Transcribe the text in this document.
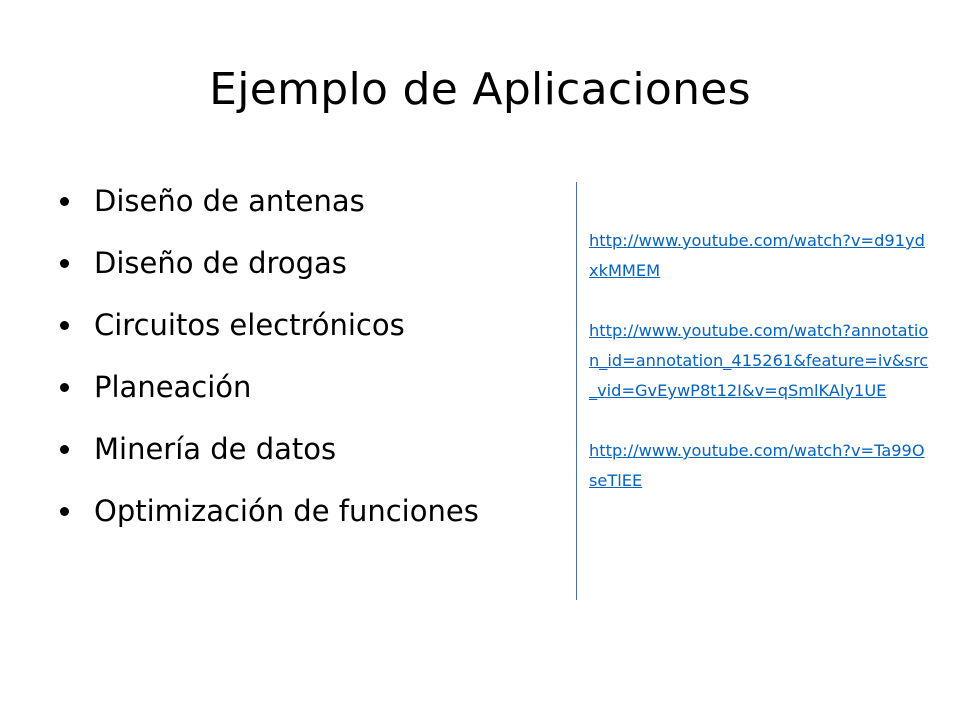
Ejemplo de Aplicaciones
Diseño de antenas
Diseño de drogas
Circuitos electrónicos
Planeación
Minería de datos
Optimización de funciones
http://www.youtube.com/watch?v=d91ydxkMMEM
http://www.youtube.com/watch?annotation_id=annotation_415261&feature=iv&src_vid=GvEywP8t12I&v=qSmlKAly1UE
http://www.youtube.com/watch?v=Ta99OseTlEE
